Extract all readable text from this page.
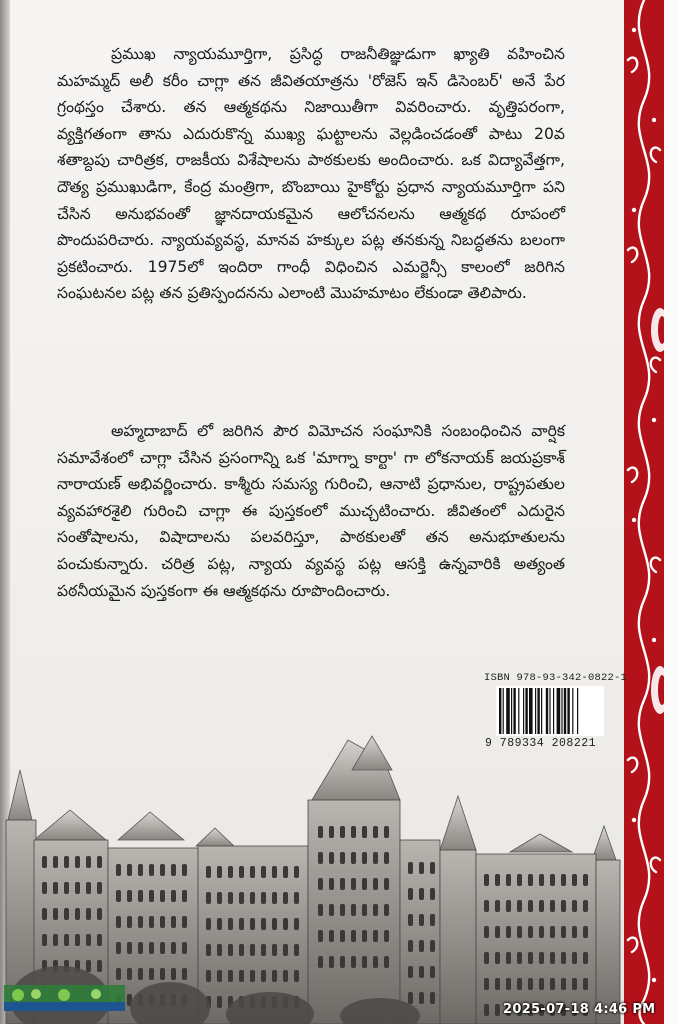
ప్రముఖ న్యాయమూర్తిగా, ప్రసిద్ధ రాజనీతిజ్ఞుడుగా ఖ్యాతి వహించిన మహమ్మద్ అలీ కరీం చాగ్లా తన జీవితయాత్రను 'రోజెస్ ఇన్ డిసెంబర్' అనే పేర గ్రంథస్తం చేశారు. తన ఆత్మకథను నిజాయితీగా వివరించారు. వృత్తిపరంగా, వ్యక్తిగతంగా తాను ఎదురుకొన్న ముఖ్య ఘట్టాలను వెల్లడించడంతో పాటు 20వ శతాబ్దపు చారిత్రక, రాజకీయ విశేషాలను పాఠకులకు అందించారు. ఒక విద్యావేత్తగా, దౌత్య ప్రముఖుడిగా, కేంద్ర మంత్రిగా, బొంబాయి హైకోర్టు ప్రధాన న్యాయమూర్తిగా పని చేసిన అనుభవంతో జ్ఞానదాయకమైన ఆలోచనలను ఆత్మకథ రూపంలో పొందుపరిచారు. న్యాయవ్యవస్థ, మానవ హక్కుల పట్ల తనకున్న నిబద్ధతను బలంగా ప్రకటించారు. 1975లో ఇందిరా గాంధీ విధించిన ఎమర్జెన్సీ కాలంలో జరిగిన సంఘటనల పట్ల తన ప్రతిస్పందనను ఎలాంటి మొహమాటం లేకుండా తెలిపారు.

అహ్మదాబాద్ లో జరిగిన పౌర విమోచన సంఘానికి సంబంధించిన వార్షిక సమావేశంలో చాగ్లా చేసిన ప్రసంగాన్ని ఒక 'మాగ్నా కార్టా' గా లోకనాయక్ జయప్రకాశ్ నారాయణ్ అభివర్ణించారు. కాశ్మీరు సమస్య గురించి, ఆనాటి ప్రధానుల, రాష్ట్రపతుల వ్యవహారశైలి గురించి చాగ్లా ఈ పుస్తకంలో ముచ్చటించారు. జీవితంలో ఎదురైన సంతోషాలను, విషాదాలను పలవరిస్తూ, పాఠకులతో తన అనుభూతులను పంచుకున్నారు. చరిత్ర పట్ల, న్యాయ వ్యవస్థ పట్ల ఆసక్తి ఉన్నవారికి అత్యంత పఠనీయమైన పుస్తకంగా ఈ ఆత్మకథను రూపొందించారు.

ISBN 978-93-342-0822-1
9 789334 208221
2025-07-18 4:46 PM
